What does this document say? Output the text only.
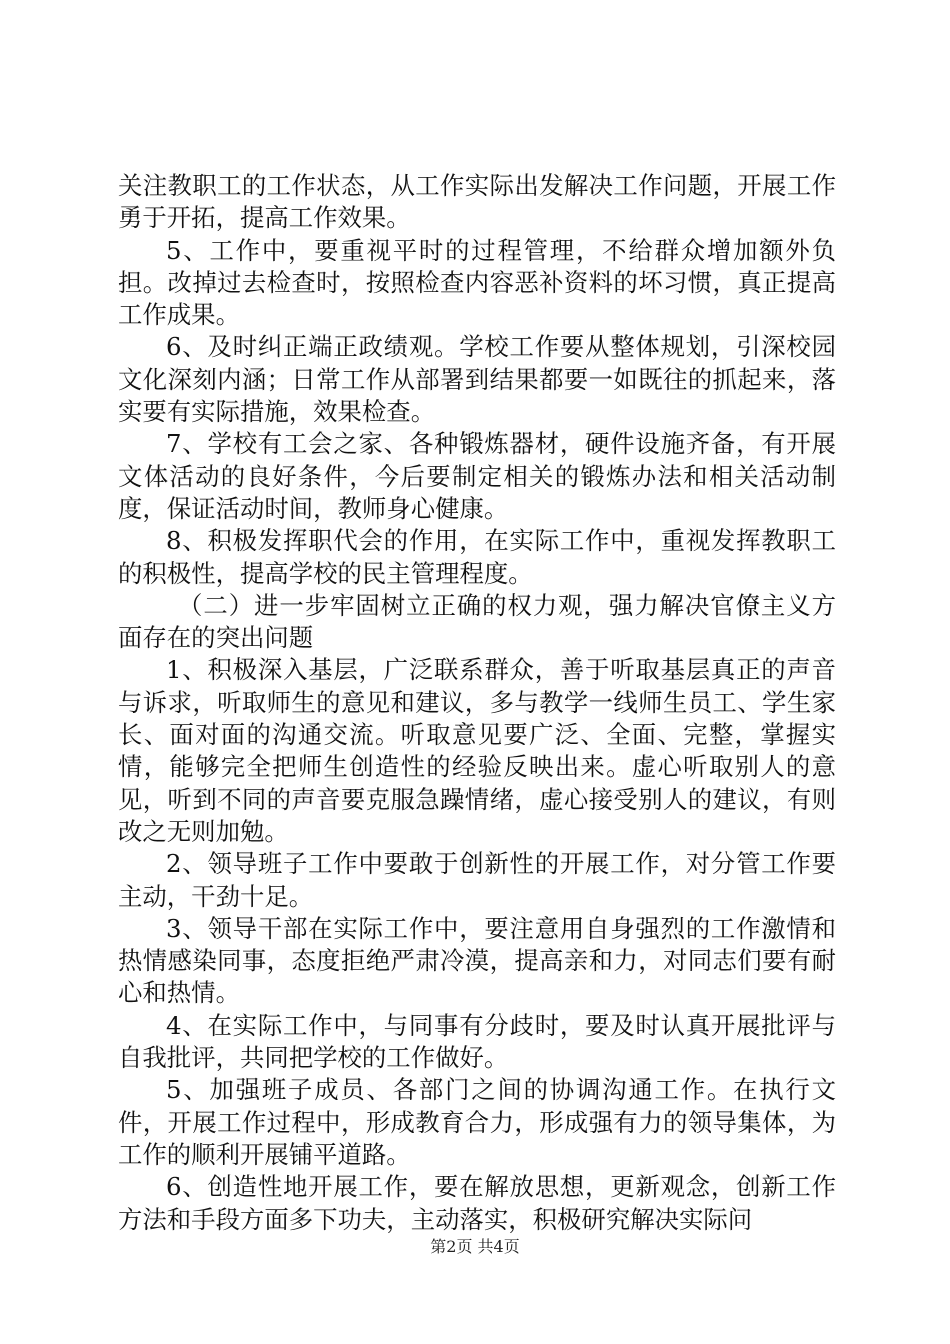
关注教职工的工作状态，从工作实际出发解决工作问题，开展工作勇于开拓，提高工作效果。

5、工作中，要重视平时的过程管理，不给群众增加额外负担。改掉过去检查时，按照检查内容恶补资料的坏习惯，真正提高工作成果。

6、及时纠正端正政绩观。学校工作要从整体规划，引深校园文化深刻内涵；日常工作从部署到结果都要一如既往的抓起来，落实要有实际措施，效果检查。

7、学校有工会之家、各种锻炼器材，硬件设施齐备，有开展文体活动的良好条件，今后要制定相关的锻炼办法和相关活动制度，保证活动时间，教师身心健康。

8、积极发挥职代会的作用，在实际工作中，重视发挥教职工的积极性，提高学校的民主管理程度。

（二）进一步牢固树立正确的权力观，强力解决官僚主义方面存在的突出问题

1、积极深入基层，广泛联系群众，善于听取基层真正的声音与诉求，听取师生的意见和建议，多与教学一线师生员工、学生家长、面对面的沟通交流。听取意见要广泛、全面、完整，掌握实情，能够完全把师生创造性的经验反映出来。虚心听取别人的意见，听到不同的声音要克服急躁情绪，虚心接受别人的建议，有则改之无则加勉。

2、领导班子工作中要敢于创新性的开展工作，对分管工作要主动，干劲十足。

3、领导干部在实际工作中，要注意用自身强烈的工作激情和热情感染同事，态度拒绝严肃冷漠，提高亲和力，对同志们要有耐心和热情。

4、在实际工作中，与同事有分歧时，要及时认真开展批评与自我批评，共同把学校的工作做好。

5、加强班子成员、各部门之间的协调沟通工作。在执行文件，开展工作过程中，形成教育合力，形成强有力的领导集体，为工作的顺利开展铺平道路。

6、创造性地开展工作，要在解放思想，更新观念，创新工作方法和手段方面多下功夫，主动落实，积极研究解决实际问

第2页 共4页
